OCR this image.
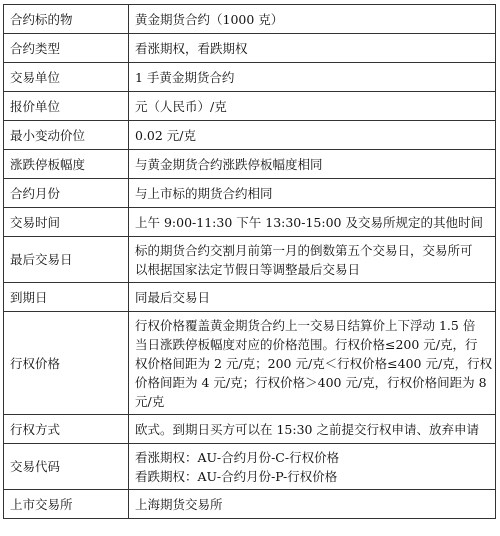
合约标的物	黄金期货合约（1000 克）

合约类型	看涨期权，看跌期权

交易单位	1 手黄金期货合约

报价单位	元（人民币）/克

最小变动价位	0.02 元/克

涨跌停板幅度	与黄金期货合约涨跌停板幅度相同

合约月份	与上市标的期货合约相同

交易时间	上午 9:00-11:30 下午 13:30-15:00 及交易所规定的其他时间

最后交易日	标的期货合约交割月前第一月的倒数第五个交易日，交易所可
以根据国家法定节假日等调整最后交易日

到期日	同最后交易日

行权价格	行权价格覆盖黄金期货合约上一交易日结算价上下浮动 1.5 倍
当日涨跌停板幅度对应的价格范围。行权价格≤200 元/克，行
权价格间距为 2 元/克；200 元/克＜行权价格≤400 元/克，行权
价格间距为 4 元/克；行权价格＞400 元/克，行权价格间距为 8
元/克

行权方式	欧式。到期日买方可以在 15:30 之前提交行权申请、放弃申请

交易代码	看涨期权：AU-合约月份-C-行权价格
看跌期权：AU-合约月份-P-行权价格

上市交易所	上海期货交易所
